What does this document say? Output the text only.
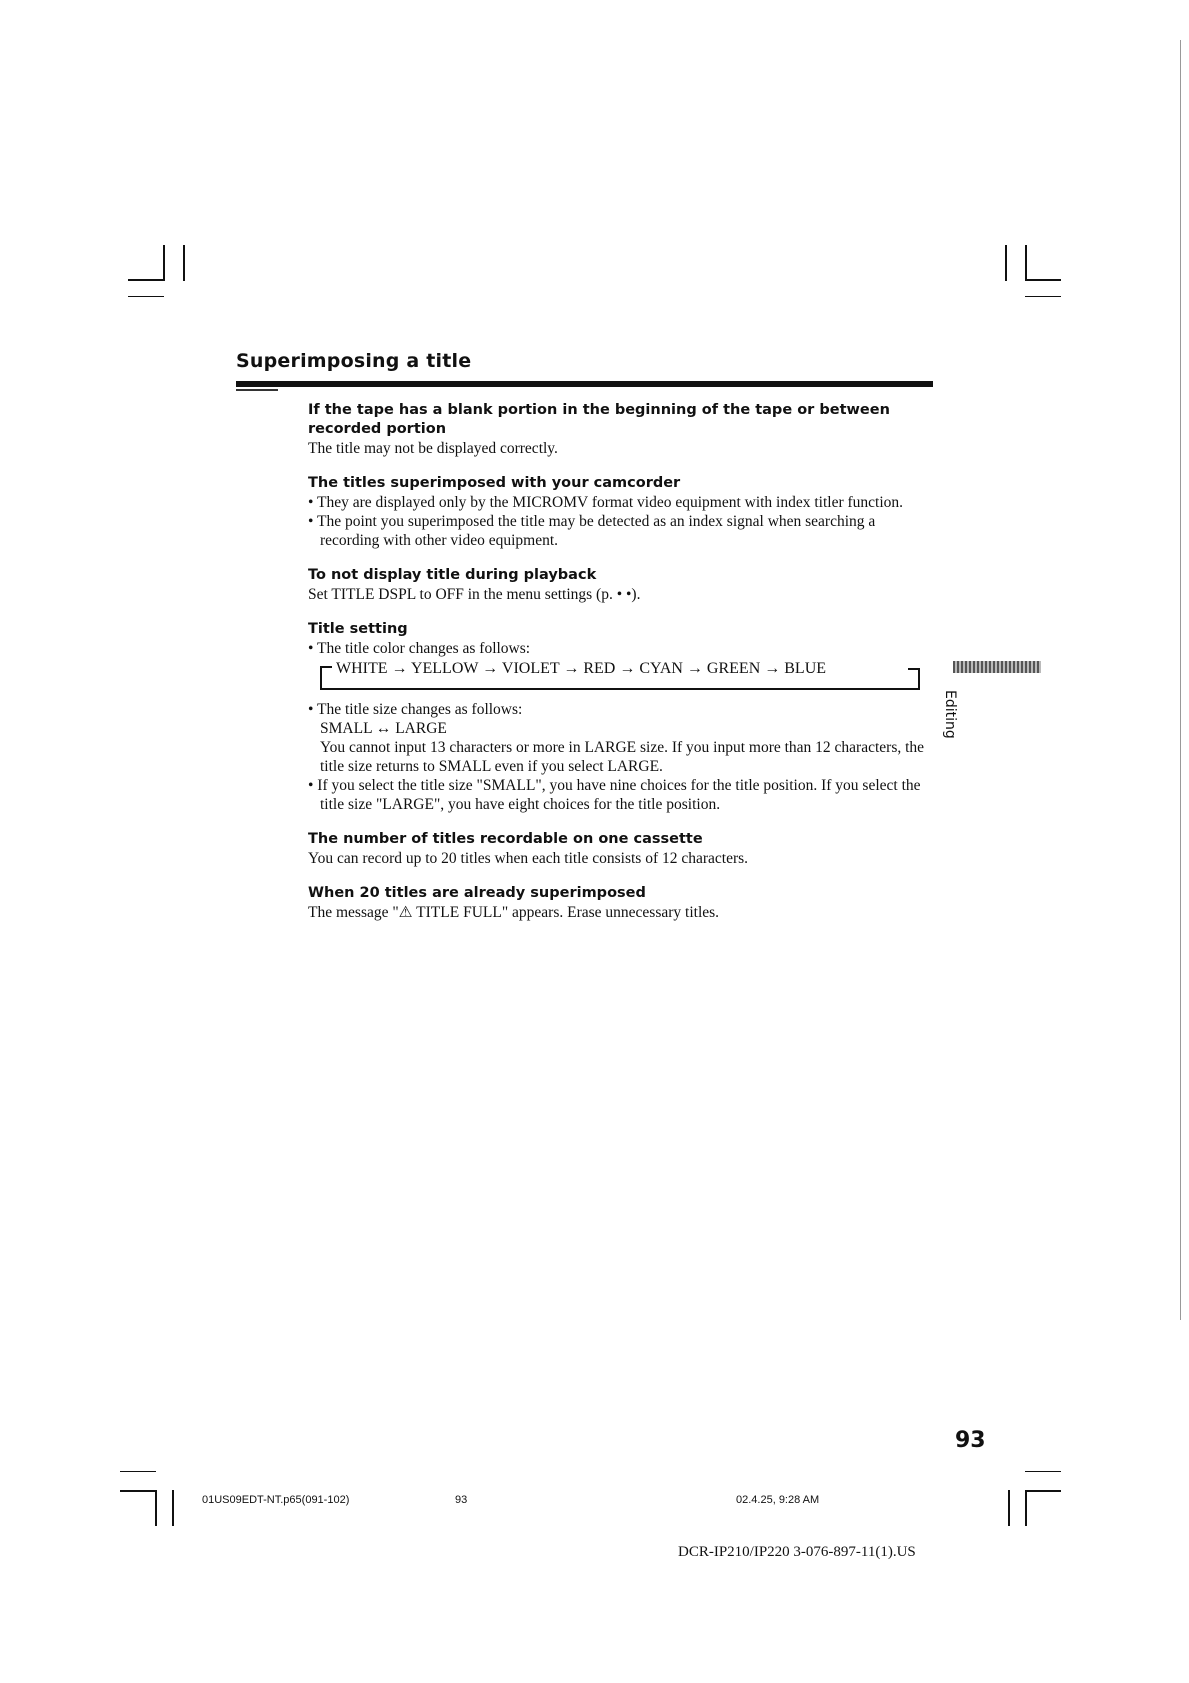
Superimposing a title

If the tape has a blank portion in the beginning of the tape or between recorded portion

The title may not be displayed correctly.

The titles superimposed with your camcorder

• They are displayed only by the MICROMV format video equipment with index titler function.

• The point you superimposed the title may be detected as an index signal when searching a recording with other video equipment.

To not display title during playback

Set TITLE DSPL to OFF in the menu settings (p. • •).

Title setting

• The title color changes as follows:

WHITE → YELLOW → VIOLET → RED → CYAN → GREEN → BLUE

• The title size changes as follows:

SMALL ↔ LARGE

You cannot input 13 characters or more in LARGE size. If you input more than 12 characters, the title size returns to SMALL even if you select LARGE.

• If you select the title size "SMALL", you have nine choices for the title position. If you select the title size "LARGE", you have eight choices for the title position.

The number of titles recordable on one cassette

You can record up to 20 titles when each title consists of 12 characters.

When 20 titles are already superimposed

The message "⚠ TITLE FULL" appears. Erase unnecessary titles.

Editing
93
01US09EDT-NT.p65(091-102)	93	02.4.25, 9:28 AM
DCR-IP210/IP220 3-076-897-11(1).US
